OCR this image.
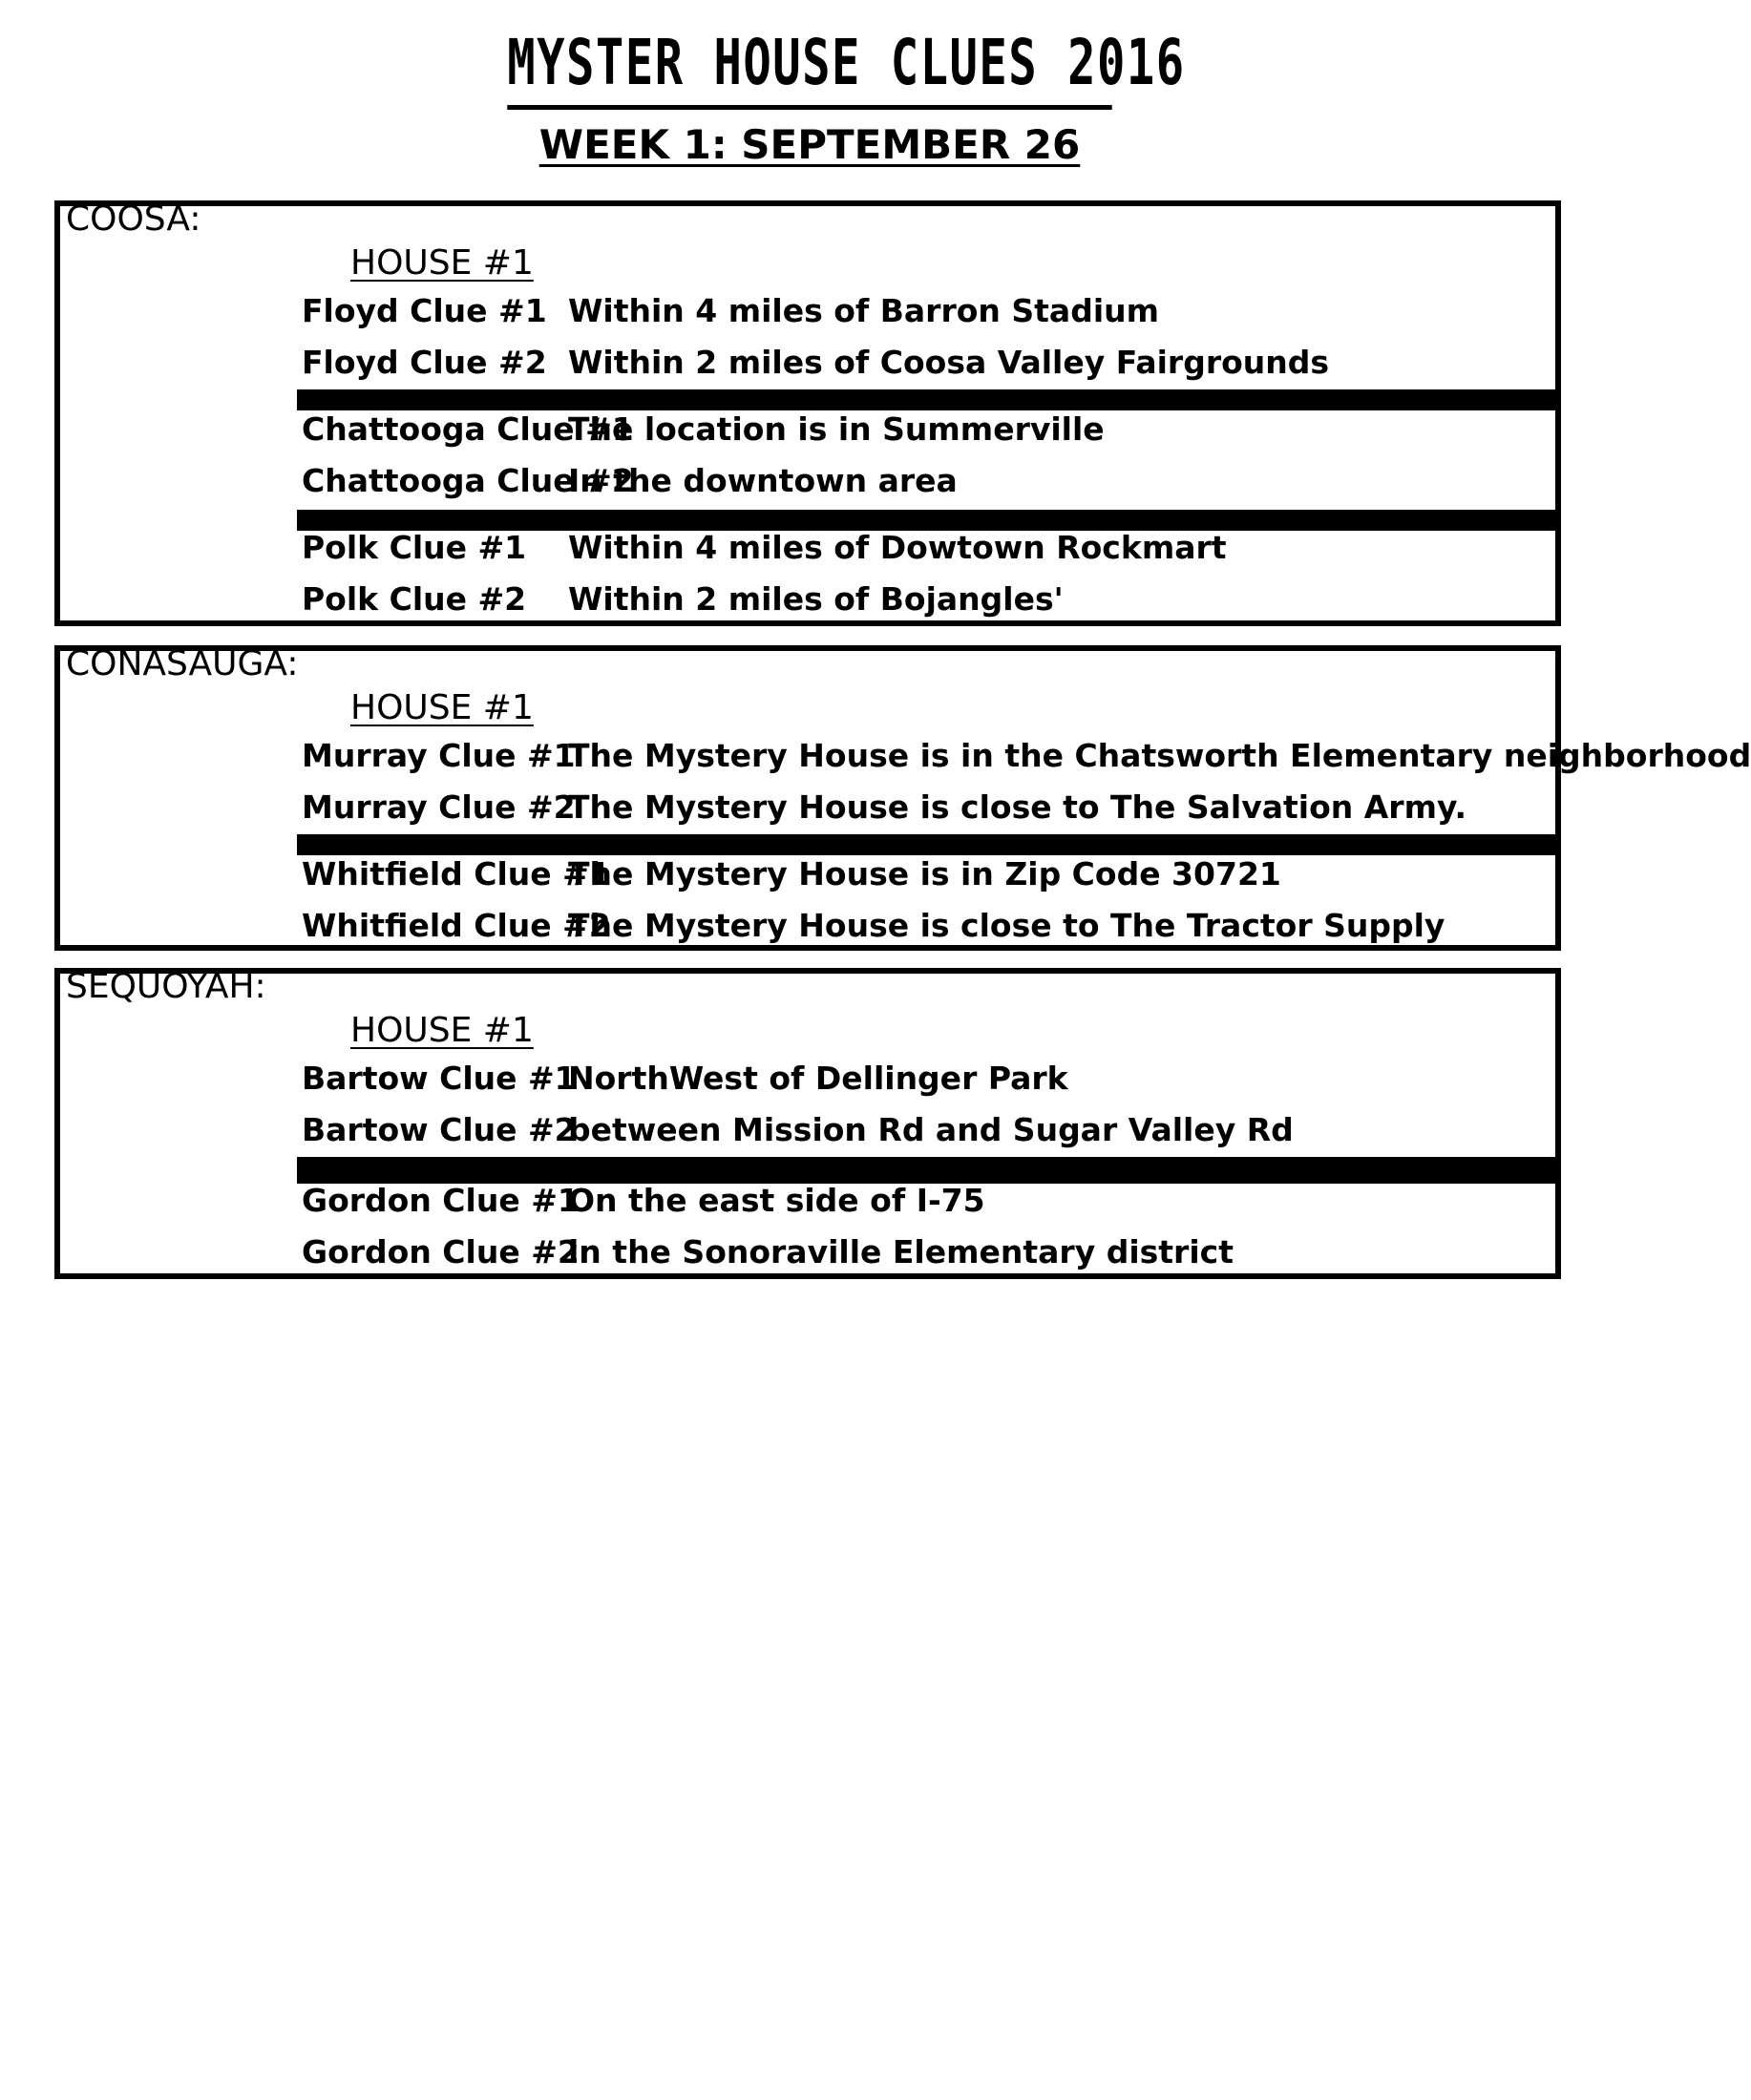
MYSTER HOUSE CLUES 2016
WEEK 1: SEPTEMBER 26
COOSA:
HOUSE #1
Floyd Clue #1 Within 4 miles of Barron Stadium
Floyd Clue #2 Within 2 miles of Coosa Valley Fairgrounds
Chattooga Clue #1
The location is in Summerville
Chattooga Clue #2
In the downtown area
Polk Clue #1	Within 4 miles of Dowtown Rockmart
Polk Clue #2	Within 2 miles of Bojangles'
CONASAUGA:
HOUSE #1
Murray Clue #1
The Mystery House is in the Chatsworth Elementary neighborhood
Murray Clue #2
The Mystery House is close to The Salvation Army.
Whitfield Clue #1
The Mystery House is in Zip Code 30721
Whitfield Clue #2
The Mystery House is close to The Tractor Supply
SEQUOYAH:
HOUSE #1
Bartow Clue #1
NorthWest of Dellinger Park
Bartow Clue #2
between Mission Rd and Sugar Valley Rd
Gordon Clue #1
On the east side of I-75
Gordon Clue #2
in the Sonoraville Elementary district
